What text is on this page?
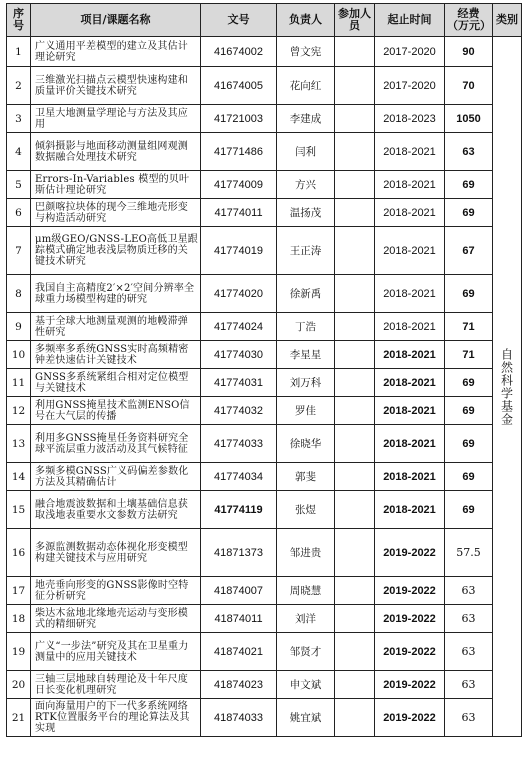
序号	项目/课题名称	文号	负责人	参加人员	起止时间	经费（万元）	类别
1	广义通用平差模型的建立及其估计理论研究	41674002	曾文宪		2017-2020	90	自然科学基金
2	三维激光扫描点云模型快速构建和质量评价关键技术研究	41674005	花向红		2017-2020	70	
3	卫星大地测量学理论与方法及其应用	41721003	李建成		2018-2023	1050	
4	倾斜摄影与地面移动测量组网观测数据融合处理技术研究	41771486	闫利		2018-2021	63	
5	Errors-In-Variables 模型的贝叶斯估计理论研究	41774009	方兴		2018-2021	69	
6	巴颜喀拉块体的现今三维地壳形变与构造活动研究	41774011	温扬茂		2018-2021	69	
7	μm级GEO/GNSS-LEO高低卫星跟踪模式确定地表浅层物质迁移的关键技术研究	41774019	王正涛		2018-2021	67	
8	我国自主高精度2′×2′空间分辨率全球重力场模型构建的研究	41774020	徐新禹		2018-2021	69	
9	基于全球大地测量观测的地幔滞弹性研究	41774024	丁浩		2018-2021	71	
10	多频率多系统GNSS实时高频精密钟差快速估计关键技术	41774030	李星星		2018-2021	71	
11	GNSS多系统紧组合相对定位模型与关键技术	41774031	刘万科		2018-2021	69	
12	利用GNSS掩星技术监测ENSO信号在大气层的传播	41774032	罗佳		2018-2021	69	
13	利用多GNSS掩星任务资料研究全球平流层重力波活动及其气候特征	41774033	徐晓华		2018-2021	69	
14	多频多模GNSS广义码偏差参数化方法及其精确估计	41774034	郭斐		2018-2021	69	
15	融合地震波数据和土壤基础信息获取浅地表重要水文参数方法研究	41774119	张煜		2018-2021	69	
16	多源监测数据动态体视化形变模型构建关键技术与应用研究	41871373	邹进贵		2019-2022	57.5	
17	地壳垂向形变的GNSS影像时空特征分析研究	41874007	周晓慧		2019-2022	63	
18	柴达木盆地北缘地壳运动与变形模式的精细研究	41874011	刘洋		2019-2022	63	
19	广义“一步法”研究及其在卫星重力测量中的应用关键技术	41874021	邹贤才		2019-2022	63	
20	三轴三层地球自转理论及十年尺度日长变化机理研究	41874023	申文斌		2019-2022	63	
21	面向海量用户的下一代多系统网络RTK位置服务平台的理论算法及其实现	41874033	姚宜斌		2019-2022	63	
